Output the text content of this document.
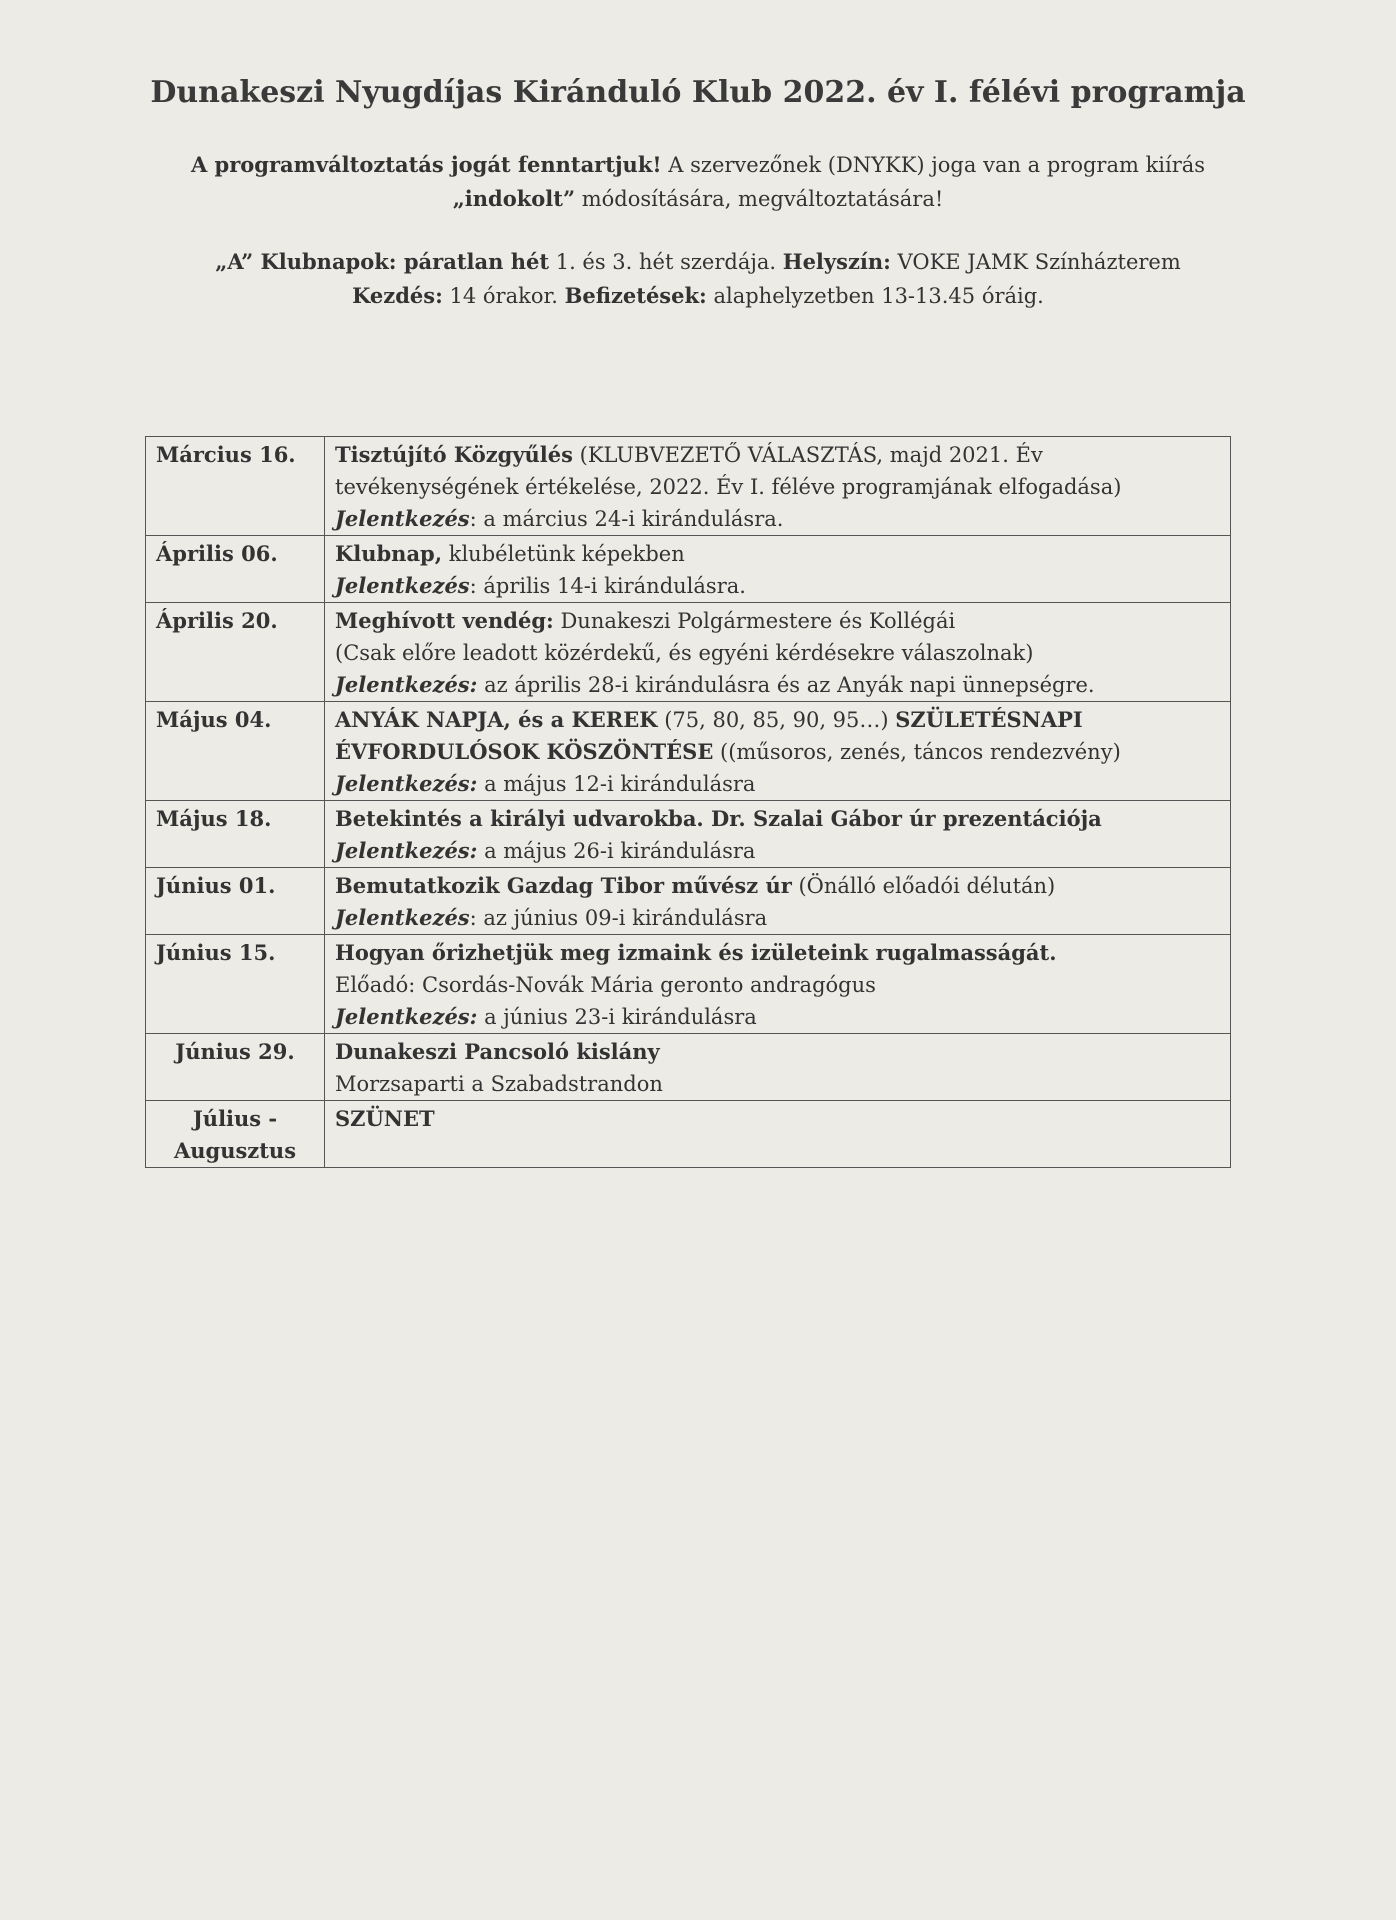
Dunakeszi Nyugdíjas Kiránduló Klub 2022. év I. félévi programja
A programváltoztatás jogát fenntartjuk! A szervezőnek (DNYKK) joga van a program kiírás
„indokolt” módosítására, megváltoztatására!
„A” Klubnapok: páratlan hét 1. és 3. hét szerdája. Helyszín: VOKE JAMK Színházterem
Kezdés: 14 órakor. Befizetések: alaphelyzetben 13-13.45 óráig.
Március 16.	Tisztújító Közgyűlés (KLUBVEZETŐ VÁLASZTÁS, majd 2021. Év
tevékenységének értékelése, 2022. Év I. féléve programjának elfogadása)
Jelentkezés: a március 24-i kirándulásra.

Április 06.	Klubnap, klubéletünk képekben
Jelentkezés: április 14-i kirándulásra.

Április 20.	Meghívott vendég: Dunakeszi Polgármestere és Kollégái
(Csak előre leadott közérdekű, és egyéni kérdésekre válaszolnak)
Jelentkezés: az április 28-i kirándulásra és az Anyák napi ünnepségre.

Május 04.	ANYÁK NAPJA, és a KEREK (75, 80, 85, 90, 95…) SZÜLETÉSNAPI
ÉVFORDULÓSOK KÖSZÖNTÉSE ((műsoros, zenés, táncos rendezvény)
Jelentkezés: a május 12-i kirándulásra

Május 18.	Betekintés a királyi udvarokba. Dr. Szalai Gábor úr prezentációja
Jelentkezés: a május 26-i kirándulásra

Június 01.	Bemutatkozik Gazdag Tibor művész úr (Önálló előadói délután)
Jelentkezés: az június 09-i kirándulásra

Június 15.	Hogyan őrizhetjük meg izmaink és izületeink rugalmasságát.
Előadó: Csordás-Novák Mária geronto andragógus
Jelentkezés: a június 23-i kirándulásra

Június 29.	Dunakeszi Pancsoló kislány
Morzsaparti a Szabadstrandon

Július -
Augusztus	SZÜNET
